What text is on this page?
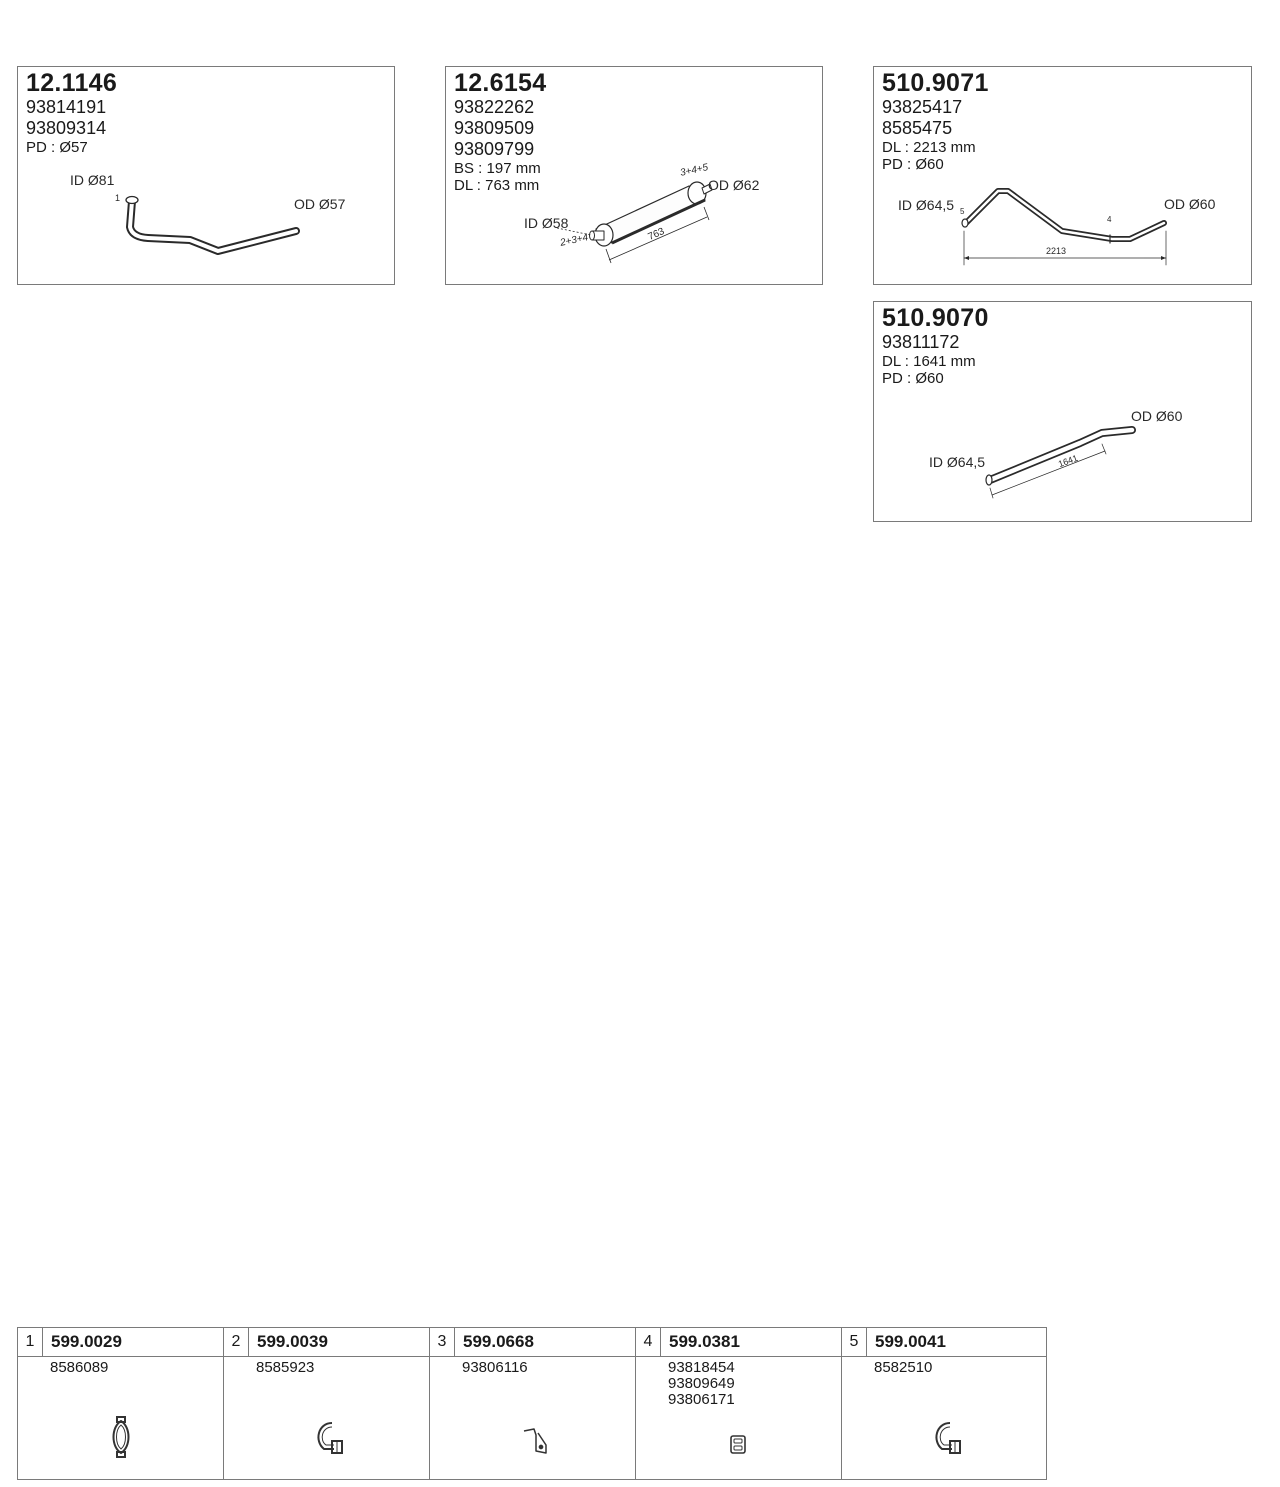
12.1146
93814191
93809314
PD : Ø57
ID Ø81
1	OD Ø57
12.6154
93822262
93809509
93809799
BS : 197 mm
DL : 763 mm
ID Ø58
2+3+4
3+4+5
OD Ø62
763
510.9071
93825417
8585475
DL : 2213 mm
PD : Ø60
ID Ø64,5 5
4
OD Ø60
2213
510.9070
93811172
DL : 1641 mm
PD : Ø60
ID Ø64,5
OD Ø60
1641
1	599.0029	2	599.0039	3	599.0668	4	599.0381	5	599.0041

8586089		8585923		93806116		93818454
93809649
93806171		8582510	
